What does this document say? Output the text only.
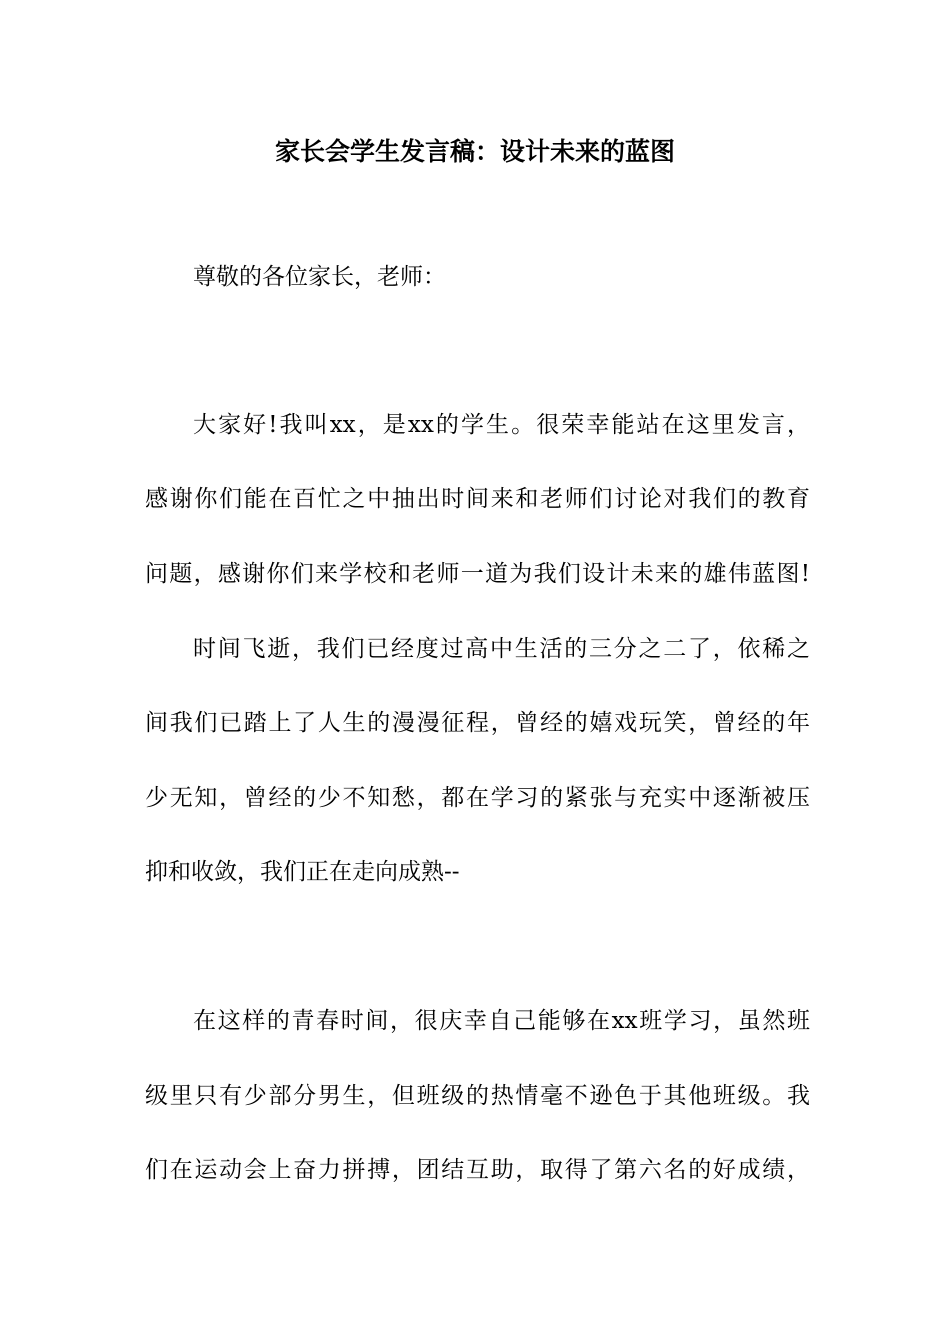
家长会学生发言稿：设计未来的蓝图
尊敬的各位家长，老师：
大家好!我叫xx，是xx的学生。很荣幸能站在这里发言，
感谢你们能在百忙之中抽出时间来和老师们讨论对我们的教育
问题，感谢你们来学校和老师一道为我们设计未来的雄伟蓝图!
时间飞逝，我们已经度过高中生活的三分之二了，依稀之
间我们已踏上了人生的漫漫征程，曾经的嬉戏玩笑，曾经的年
少无知，曾经的少不知愁，都在学习的紧张与充实中逐渐被压
抑和收敛，我们正在走向成熟--
在这样的青春时间，很庆幸自己能够在xx班学习，虽然班
级里只有少部分男生，但班级的热情毫不逊色于其他班级。我
们在运动会上奋力拼搏，团结互助，取得了第六名的好成绩，
